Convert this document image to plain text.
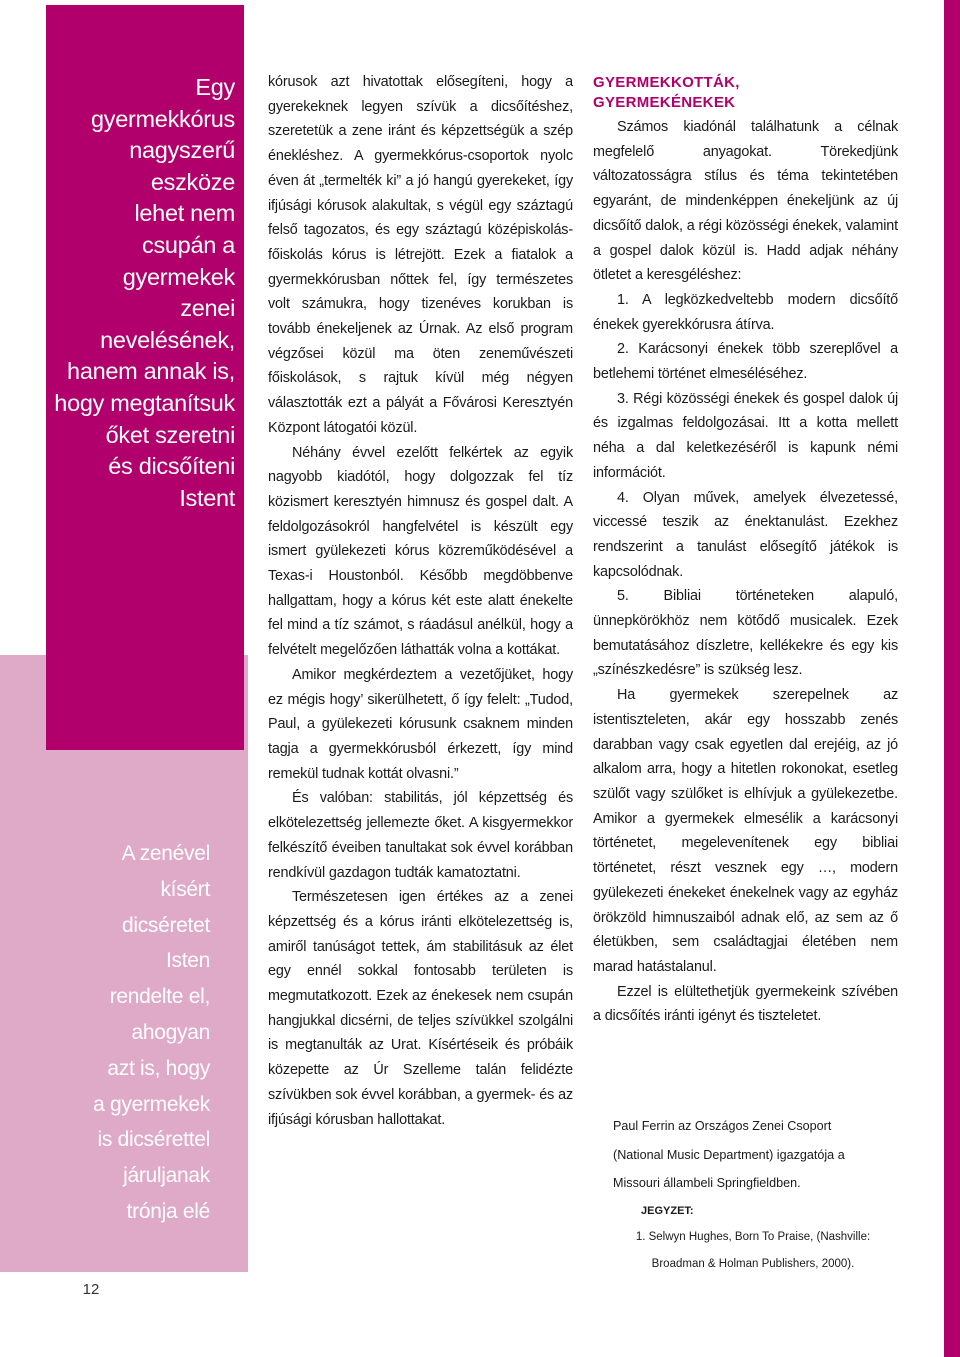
Egy
gyermekkórus
nagyszerű
eszköze
lehet nem
csupán a
gyermekek
zenei
nevelésének,
hanem annak is,
hogy megtanítsuk
őket szeretni
és dicsőíteni
Istent

A zenével
kísért
dicséretet
Isten
rendelte el,
ahogyan
azt is, hogy
a gyermekek
is dicsérettel
járuljanak
trónja elé

12

kórusok azt hivatottak elősegíteni, hogy a gyerekeknek legyen szívük a dicsőítéshez, szeretetük a zene iránt és képzettségük a szép énekléshez. A gyermekkórus-csoportok nyolc éven át „termelték ki” a jó hangú gyerekeket, így ifjúsági kórusok alakultak, s végül egy száztagú felső tagozatos, és egy száztagú középiskolás-főiskolás kórus is létrejött. Ezek a fiatalok a gyermekkórusban nőttek fel, így természetes volt számukra, hogy tizenéves korukban is tovább énekeljenek az Úrnak. Az első program végzősei közül ma öten zeneművészeti főiskolások, s rajtuk kívül még négyen választották ezt a pályát a Fővárosi Keresztyén Központ látogatói közül.

Néhány évvel ezelőtt felkértek az egyik nagyobb kiadótól, hogy dolgozzak fel tíz közismert keresztyén himnusz és gospel dalt. A feldolgozásokról hangfelvétel is készült egy ismert gyülekezeti kórus közreműködésével a Texas-i Houstonból. Később megdöbbenve hallgattam, hogy a kórus két este alatt énekelte fel mind a tíz számot, s ráadásul anélkül, hogy a felvételt megelőzően láthatták volna a kottákat.

Amikor megkérdeztem a vezetőjüket, hogy ez mégis hogy’ sikerülhetett, ő így felelt: „Tudod, Paul, a gyülekezeti kórusunk csaknem minden tagja a gyermekkórusból érkezett, így mind remekül tudnak kottát olvasni.”

És valóban: stabilitás, jól képzettség és elkötelezettség jellemezte őket. A kisgyermekkor felkészítő éveiben tanultakat sok évvel korábban rendkívül gazdagon tudták kamatoztatni.

Természetesen igen értékes az a zenei képzettség és a kórus iránti elkötelezettség is, amiről tanúságot tettek, ám stabilitásuk az élet egy ennél sokkal fontosabb területen is megmutatkozott. Ezek az énekesek nem csupán hangjukkal dicsérni, de teljes szívükkel szolgálni is megtanulták az Urat. Kísértéseik és próbáik közepette az Úr Szelleme talán felidézte szívükben sok évvel korábban, a gyermek- és az ifjúsági kórusban hallottakat.

GYERMEKKOTTÁK,
GYERMEKÉNEKEK

Számos kiadónál találhatunk a célnak megfelelő anyagokat. Törekedjünk változatosságra stílus és téma tekintetében egyaránt, de mindenképpen énekeljünk az új dicsőítő dalok, a régi közösségi énekek, valamint a gospel dalok közül is. Hadd adjak néhány ötletet a keresgéléshez:

1. A legközkedveltebb modern dicsőítő énekek gyerekkórusra átírva.

2. Karácsonyi énekek több szereplővel a betlehemi történet elmeséléséhez.

3. Régi közösségi énekek és gospel dalok új és izgalmas feldolgozásai. Itt a kotta mellett néha a dal keletkezéséről is kapunk némi információt.

4. Olyan művek, amelyek élvezetessé, viccessé teszik az énektanulást. Ezekhez rendszerint a tanulást elősegítő játékok is kapcsolódnak.

5. Bibliai történeteken alapuló, ünnepkörökhöz nem kötődő musicalek. Ezek bemutatásához díszletre, kellékekre és egy kis „színészkedésre” is szükség lesz.

Ha gyermekek szerepelnek az istentiszteleten, akár egy hosszabb zenés darabban vagy csak egyetlen dal erejéig, az jó alkalom arra, hogy a hitetlen rokonokat, esetleg szülőt vagy szülőket is elhívjuk a gyülekezetbe. Amikor a gyermekek elmesélik a karácsonyi történetet, megelevenítenek egy bibliai történetet, részt vesznek egy …, modern gyülekezeti énekeket énekelnek vagy az egyház örökzöld himnuszaiból adnak elő, az sem az ő életükben, sem családtagjai életében nem marad hatástalanul.

Ezzel is elültethetjük gyermekeink szívében a dicsőítés iránti igényt és tiszteletet.

Paul Ferrin az Országos Zenei Csoport (National Music Department) igazgatója a Missouri állambeli Springfieldben.

JEGYZET:

1. Selwyn Hughes, Born To Praise, (Nashville: Broadman & Holman Publishers, 2000).
